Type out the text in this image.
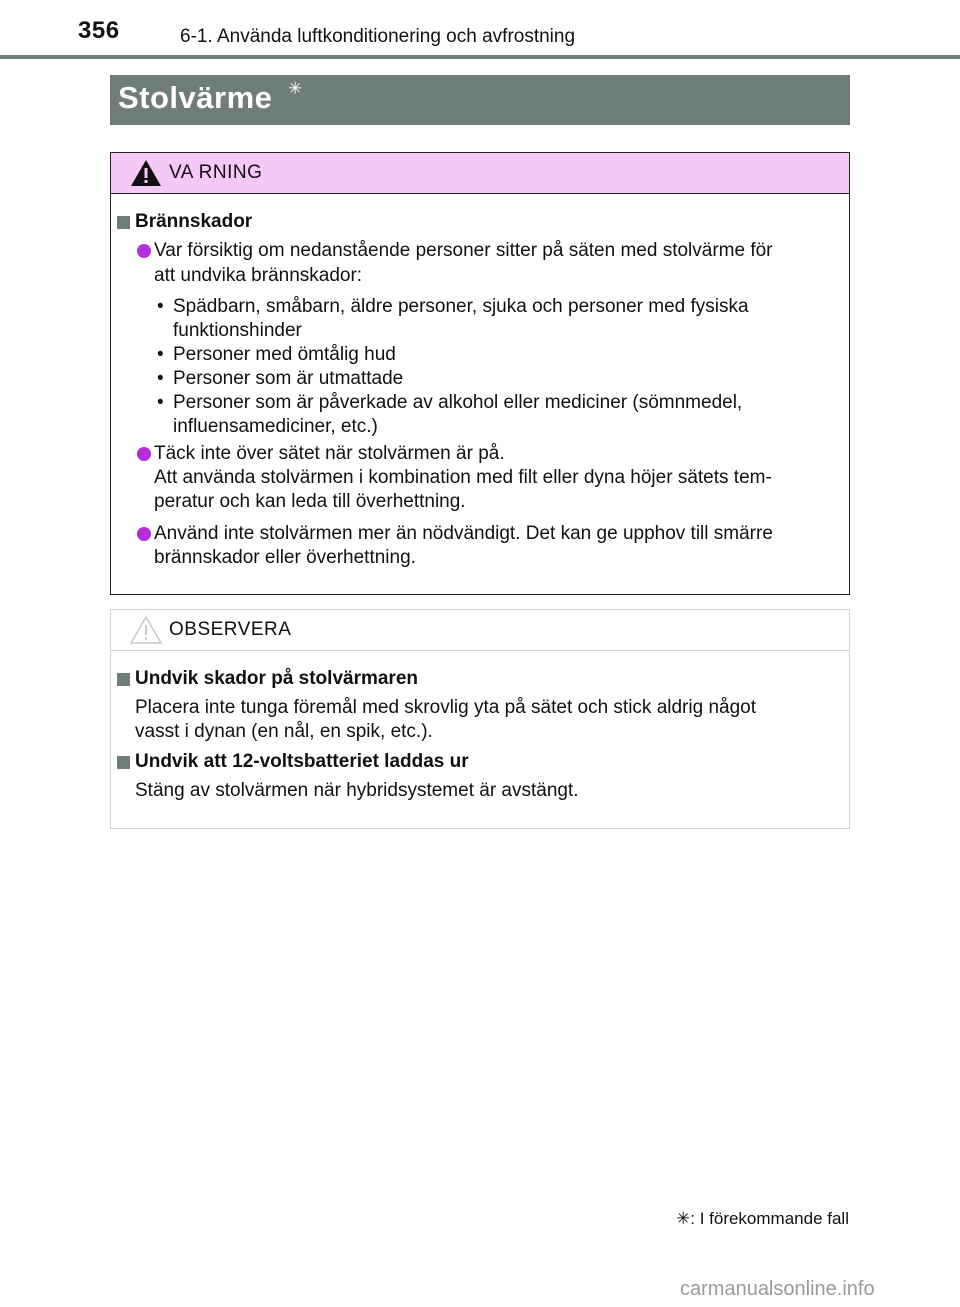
356	6-1. Använda luftkonditionering och avfrostning
Stolvärme ✳
VA RNING
Brännskador
Var försiktig om nedanstående personer sitter på säten med stolvärme för
att undvika brännskador:
• Spädbarn, småbarn, äldre personer, sjuka och personer med fysiska
funktionshinder
• Personer med ömtålig hud
• Personer som är utmattade
• Personer som är påverkade av alkohol eller mediciner (sömnmedel,
influensamediciner, etc.)
Täck inte över sätet när stolvärmen är på.
Att använda stolvärmen i kombination med filt eller dyna höjer sätets tem-
peratur och kan leda till överhettning.
Använd inte stolvärmen mer än nödvändigt. Det kan ge upphov till smärre
brännskador eller överhettning.
OBSERVERA
Undvik skador på stolvärmaren
Placera inte tunga föremål med skrovlig yta på sätet och stick aldrig något
vasst i dynan (en nål, en spik, etc.).
Undvik att 12-voltsbatteriet laddas ur
Stäng av stolvärmen när hybridsystemet är avstängt.
✳: I förekommande fall
carmanualsonline.info
